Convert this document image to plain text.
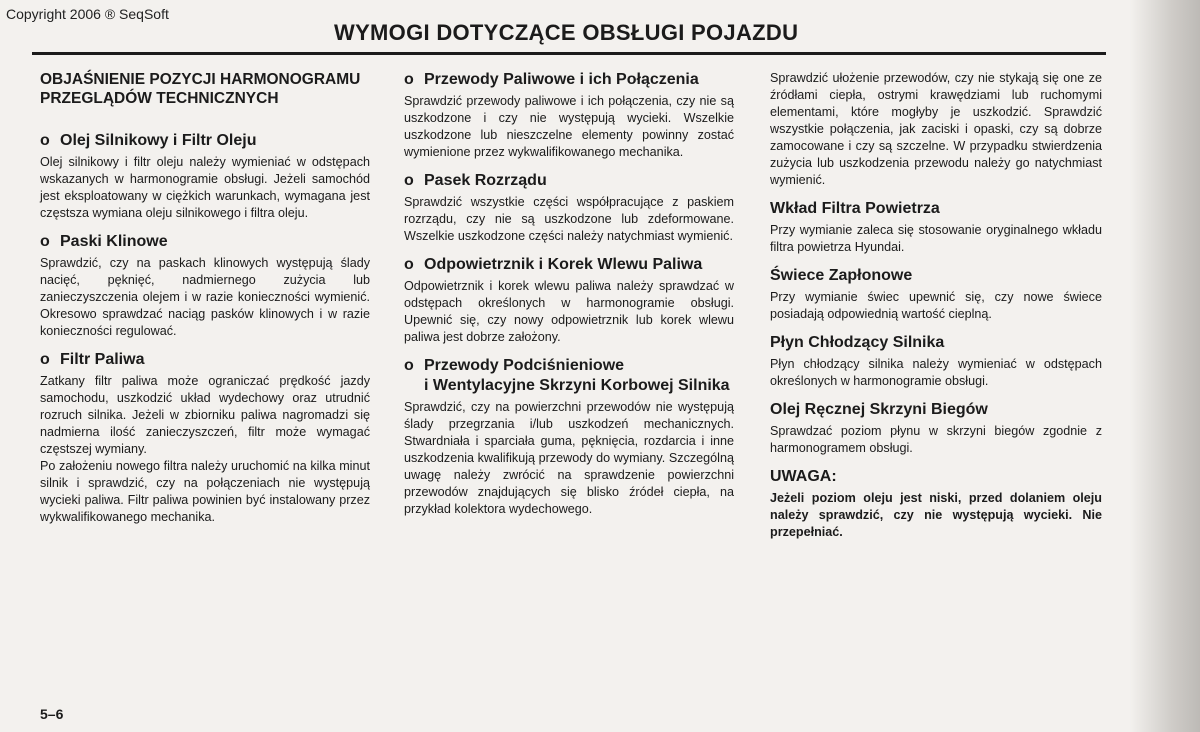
Copyright 2006 ® SeqSoft
WYMOGI DOTYCZĄCE OBSŁUGI POJAZDU
OBJAŚNIENIE POZYCJI HARMONOGRAMU PRZEGLĄDÓW TECHNICZNYCH
o Olej Silnikowy i Filtr Oleju

Olej silnikowy i filtr oleju należy wymieniać w odstępach wskazanych w harmonogramie obsługi. Jeżeli samochód jest eksploatowany w ciężkich warunkach, wymagana jest częstsza wymiana oleju silnikowego i filtra oleju.

o Paski Klinowe

Sprawdzić, czy na paskach klinowych występują ślady nacięć, pęknięć, nadmiernego zużycia lub zanieczyszczenia olejem i w razie konieczności wymienić. Okresowo sprawdzać naciąg pasków klinowych i w razie konieczności regulować.

o Filtr Paliwa

Zatkany filtr paliwa może ograniczać prędkość jazdy samochodu, uszkodzić układ wydechowy oraz utrudnić rozruch silnika. Jeżeli w zbiorniku paliwa nagromadzi się nadmierna ilość zanieczyszczeń, filtr może wymagać częstszej wymiany.

Po założeniu nowego filtra należy uruchomić na kilka minut silnik i sprawdzić, czy na połączeniach nie występują wycieki paliwa. Filtr paliwa powinien być instalowany przez wykwalifikowanego mechanika.

o Przewody Paliwowe i ich Połączenia

Sprawdzić przewody paliwowe i ich połączenia, czy nie są uszkodzone i czy nie występują wycieki. Wszelkie uszkodzone lub nieszczelne elementy powinny zostać wymienione przez wykwalifikowanego mechanika.

o Pasek Rozrządu

Sprawdzić wszystkie części współpracujące z paskiem rozrządu, czy nie są uszkodzone lub zdeformowane. Wszelkie uszkodzone części należy natychmiast wymienić.

o Odpowietrznik i Korek Wlewu Paliwa

Odpowietrznik i korek wlewu paliwa należy sprawdzać w odstępach określonych w harmonogramie obsługi. Upewnić się, czy nowy odpowietrznik lub korek wlewu paliwa jest dobrze założony.

o Przewody Podciśnieniowe
i Wentylacyjne Skrzyni Korbowej Silnika

Sprawdzić, czy na powierzchni przewodów nie występują ślady przegrzania i/lub uszkodzeń mechanicznych. Stwardniała i sparciała guma, pęknięcia, rozdarcia i inne uszkodzenia kwalifikują przewody do wymiany. Szczególną uwagę należy zwrócić na sprawdzenie powierzchni przewodów znajdujących się blisko źródeł ciepła, na przykład kolektora wydechowego.

Sprawdzić ułożenie przewodów, czy nie stykają się one ze źródłami ciepła, ostrymi krawędziami lub ruchomymi elementami, które mogłyby je uszkodzić. Sprawdzić wszystkie połączenia, jak zaciski i opaski, czy są dobrze zamocowane i czy są szczelne. W przypadku stwierdzenia zużycia lub uszkodzenia przewodu należy go natychmiast wymienić.

Wkład Filtra Powietrza

Przy wymianie zaleca się stosowanie oryginalnego wkładu filtra powietrza Hyundai.

Świece Zapłonowe

Przy wymianie świec upewnić się, czy nowe świece posiadają odpowiednią wartość cieplną.

Płyn Chłodzący Silnika

Płyn chłodzący silnika należy wymieniać w odstępach określonych w harmonogramie obsługi.

Olej Ręcznej Skrzyni Biegów

Sprawdzać poziom płynu w skrzyni biegów zgodnie z harmonogramem obsługi.

UWAGA:

Jeżeli poziom oleju jest niski, przed dolaniem oleju należy sprawdzić, czy nie występują wycieki. Nie przepełniać.

5–6
